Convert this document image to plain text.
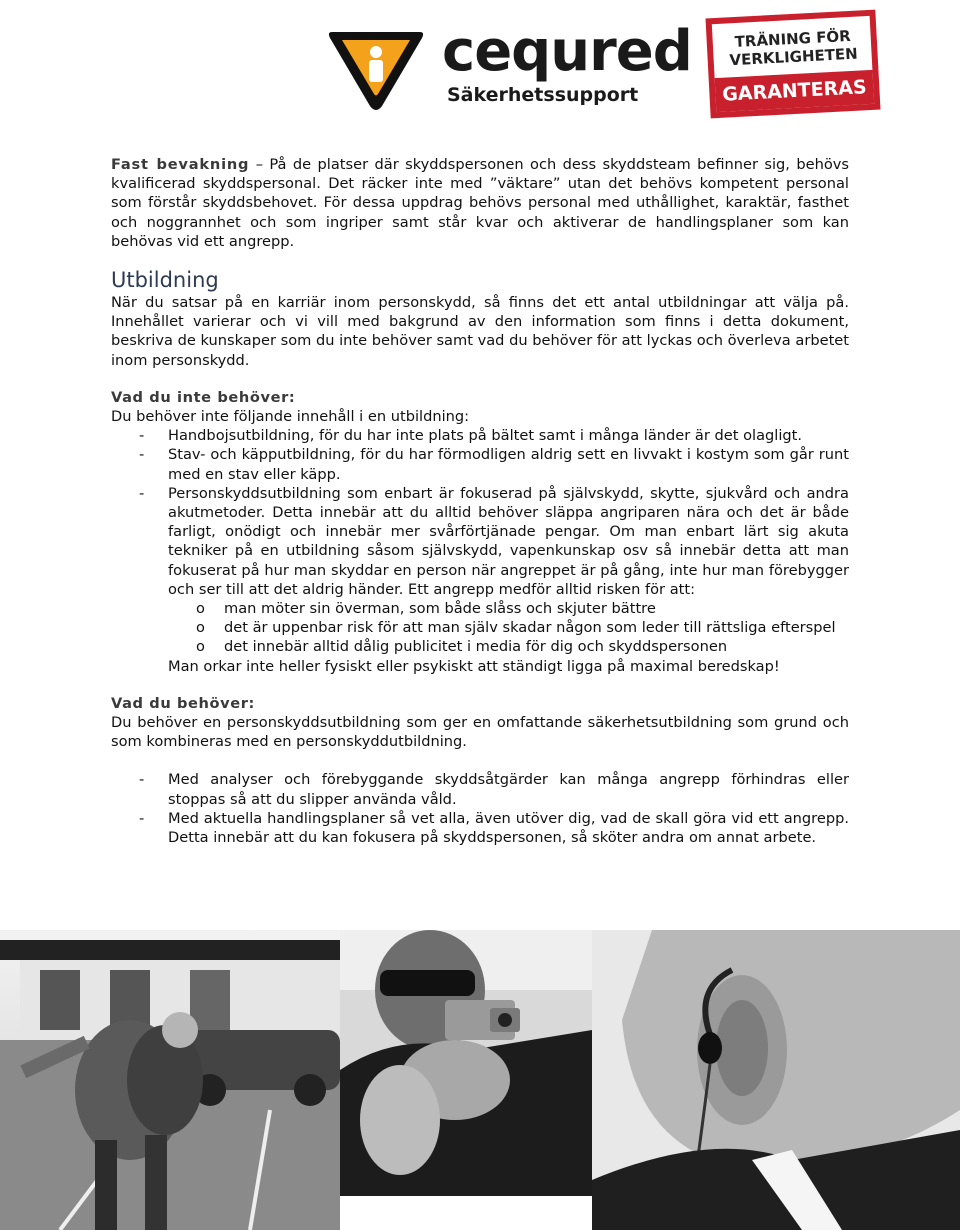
cequred
Säkerhetssupport
TRÄNING FÖR
VERKLIGHETEN
GARANTERAS

Fast bevakning – På de platser där skyddspersonen och dess skyddsteam befinner sig, behövs kvalificerad skyddspersonal. Det räcker inte med ”väktare” utan det behövs kompetent personal som förstår skyddsbehovet. För dessa uppdrag behövs personal med uthållighet, karaktär, fasthet och noggrannhet och som ingriper samt står kvar och aktiverar de handlingsplaner som kan behövas vid ett angrepp.

Utbildning

När du satsar på en karriär inom personskydd, så finns det ett antal utbildningar att välja på. Innehållet varierar och vi vill med bakgrund av den information som finns i detta dokument, beskriva de kunskaper som du inte behöver samt vad du behöver för att lyckas och överleva arbetet inom personskydd.

Vad du inte behöver:

Du behöver inte följande innehåll i en utbildning:

- Handbojsutbildning, för du har inte plats på bältet samt i många länder är det olagligt.
- Stav- och käpputbildning, för du har förmodligen aldrig sett en livvakt i kostym som går runt med en stav eller käpp.
- Personskyddsutbildning som enbart är fokuserad på självskydd, skytte, sjukvård och andra akutmetoder. Detta innebär att du alltid behöver släppa angriparen nära och det är både farligt, onödigt och innebär mer svårförtjänade pengar. Om man enbart lärt sig akuta tekniker på en utbildning såsom självskydd, vapenkunskap osv så innebär detta att man fokuserat på hur man skyddar en person när angreppet är på gång, inte hur man förebygger och ser till att det aldrig händer. Ett angrepp medför alltid risken för att:
o man möter sin överman, som både slåss och skjuter bättre
o det är uppenbar risk för att man själv skadar någon som leder till rättsliga efterspel
o det innebär alltid dålig publicitet i media för dig och skyddspersonen

Man orkar inte heller fysiskt eller psykiskt att ständigt ligga på maximal beredskap!

Vad du behöver:

Du behöver en personskyddsutbildning som ger en omfattande säkerhetsutbildning som grund och som kombineras med en personskyddutbildning.

- Med analyser och förebyggande skyddsåtgärder kan många angrepp förhindras eller stoppas så att du slipper använda våld.
- Med aktuella handlingsplaner så vet alla, även utöver dig, vad de skall göra vid ett angrepp. Detta innebär att du kan fokusera på skyddspersonen, så sköter andra om annat arbete.
